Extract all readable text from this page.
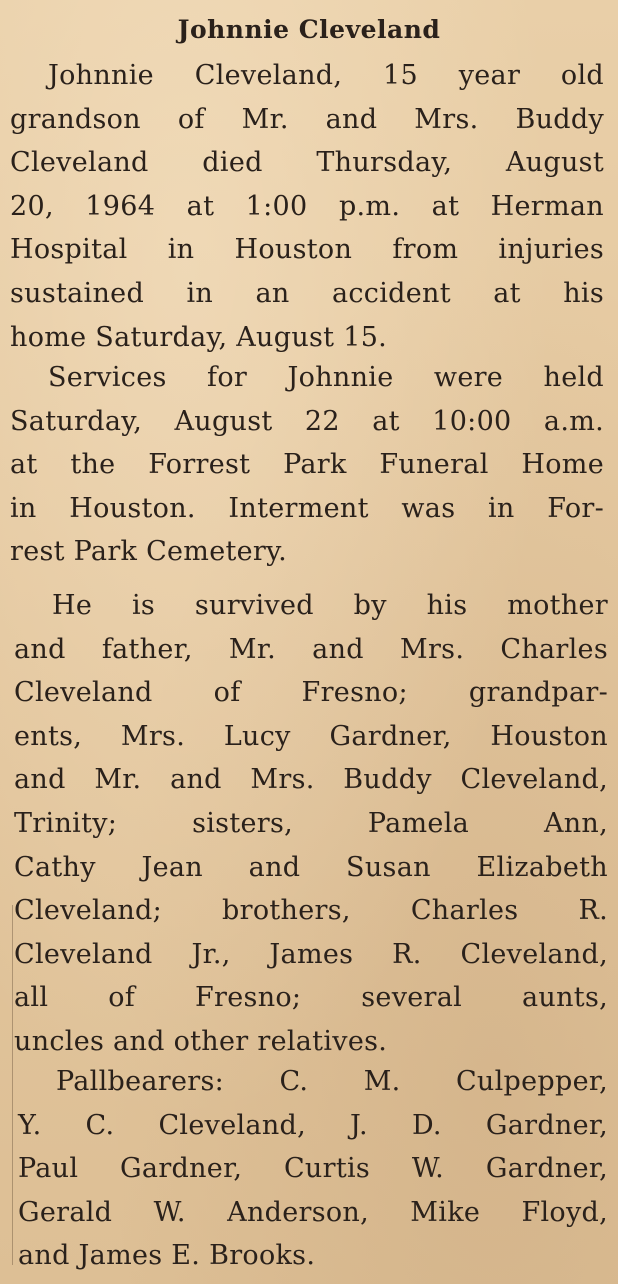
Johnnie Cleveland
Johnnie Cleveland, 15 year old
grandson of Mr. and Mrs. Buddy
Cleveland died Thursday, August
20, 1964 at 1:00 p.m. at Herman
Hospital in Houston from injuries
sustained in an accident at his
home Saturday, August 15.
Services for Johnnie were held
Saturday, August 22 at 10:00 a.m.
at the Forrest Park Funeral Home
in Houston. Interment was in For-
rest Park Cemetery.
He is survived by his mother
and father, Mr. and Mrs. Charles
Cleveland of Fresno; grandpar-
ents, Mrs. Lucy Gardner, Houston
and Mr. and Mrs. Buddy Cleveland,
Trinity; sisters, Pamela Ann,
Cathy Jean and Susan Elizabeth
Cleveland; brothers, Charles R.
Cleveland Jr., James R. Cleveland,
all of Fresno; several aunts,
uncles and other relatives.
Pallbearers: C. M. Culpepper,
Y. C. Cleveland, J. D. Gardner,
Paul Gardner, Curtis W. Gardner,
Gerald W. Anderson, Mike Floyd,
and James E. Brooks.
